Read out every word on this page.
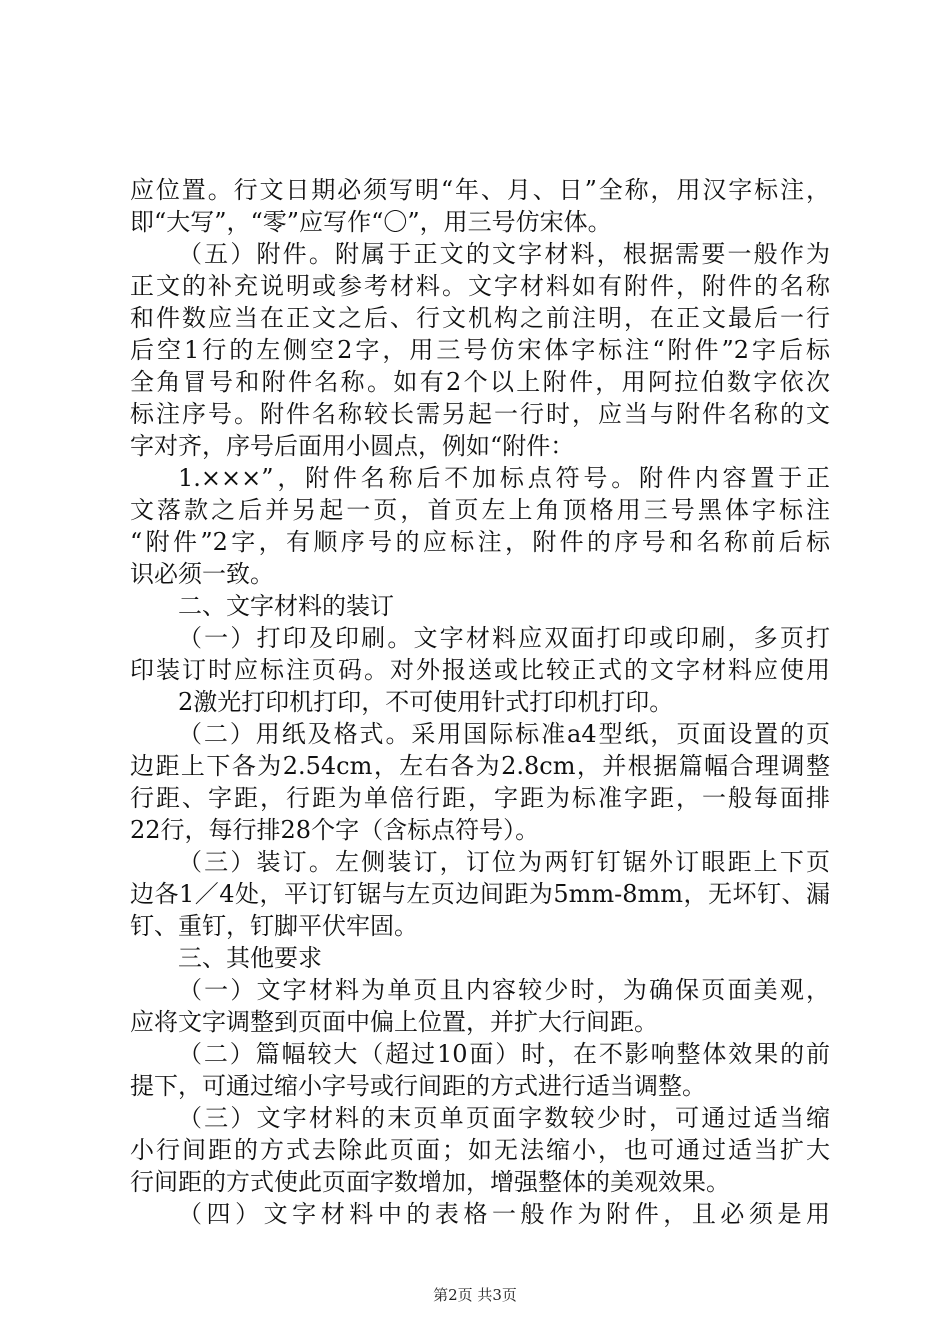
应位置。行文日期必须写明“年、月、日”全称，用汉字标注，
即“大写”，“零”应写作“〇”，用三号仿宋体。
（五）附件。附属于正文的文字材料，根据需要一般作为
正文的补充说明或参考材料。文字材料如有附件，附件的名称
和件数应当在正文之后、行文机构之前注明，在正文最后一行
后空1行的左侧空2字，用三号仿宋体字标注“附件”2字后标
全角冒号和附件名称。如有2个以上附件，用阿拉伯数字依次
标注序号。附件名称较长需另起一行时，应当与附件名称的文
字对齐，序号后面用小圆点，例如“附件：
1.×××”，附件名称后不加标点符号。附件内容置于正
文落款之后并另起一页，首页左上角顶格用三号黑体字标注
“附件”2字，有顺序号的应标注，附件的序号和名称前后标
识必须一致。
二、文字材料的装订
（一）打印及印刷。文字材料应双面打印或印刷，多页打
印装订时应标注页码。对外报送或比较正式的文字材料应使用
2激光打印机打印，不可使用针式打印机打印。
（二）用纸及格式。采用国际标准a4型纸，页面设置的页
边距上下各为2.54cm，左右各为2.8cm，并根据篇幅合理调整
行距、字距，行距为单倍行距，字距为标准字距，一般每面排
22行，每行排28个字（含标点符号）。
（三）装订。左侧装订，订位为两钉钉锯外订眼距上下页
边各1／4处，平订钉锯与左页边间距为5mm-8mm，无坏钉、漏
钉、重钉，钉脚平伏牢固。
三、其他要求
（一）文字材料为单页且内容较少时，为确保页面美观，
应将文字调整到页面中偏上位置，并扩大行间距。
（二）篇幅较大（超过10面）时，在不影响整体效果的前
提下，可通过缩小字号或行间距的方式进行适当调整。
（三）文字材料的末页单页面字数较少时，可通过适当缩
小行间距的方式去除此页面；如无法缩小，也可通过适当扩大
行间距的方式使此页面字数增加，增强整体的美观效果。
（四）文字材料中的表格一般作为附件，且必须是用
第2页 共3页
